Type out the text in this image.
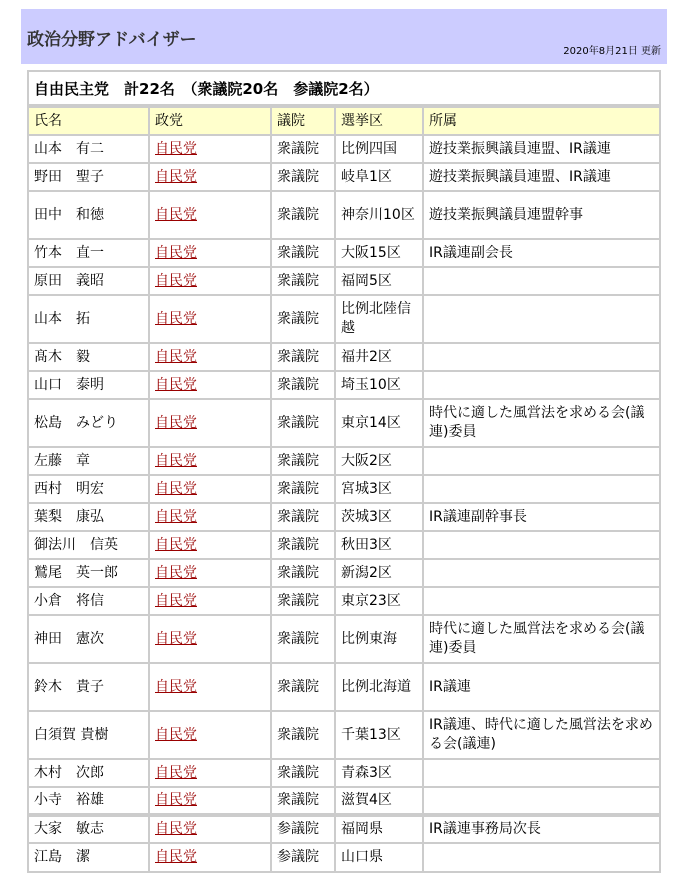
政治分野アドバイザー
2020年8月21日 更新
自由民主党　計22名　（衆議院20名　参議院2名）
氏名	政党	議院	選挙区	所属
山本　有二	自民党	衆議院	比例四国	遊技業振興議員連盟、IR議連
野田　聖子	自民党	衆議院	岐阜1区	遊技業振興議員連盟、IR議連
田中　和徳	自民党	衆議院	神奈川10区	遊技業振興議員連盟幹事
竹本　直一	自民党	衆議院	大阪15区	IR議連副会長
原田　義昭	自民党	衆議院	福岡5区	
山本　拓	自民党	衆議院	比例北陸信越	
髙木　毅	自民党	衆議院	福井2区	
山口　泰明	自民党	衆議院	埼玉10区	
松島　みどり	自民党	衆議院	東京14区	時代に適した風営法を求める会(議連)委員
左藤　章	自民党	衆議院	大阪2区	
西村　明宏	自民党	衆議院	宮城3区	
葉梨　康弘	自民党	衆議院	茨城3区	IR議連副幹事長
御法川　信英	自民党	衆議院	秋田3区	
鷲尾　英一郎	自民党	衆議院	新潟2区	
小倉　将信	自民党	衆議院	東京23区	
神田　憲次	自民党	衆議院	比例東海	時代に適した風営法を求める会(議連)委員
鈴木　貴子	自民党	衆議院	比例北海道	IR議連
白須賀 貴樹	自民党	衆議院	千葉13区	IR議連、時代に適した風営法を求める会(議連)
木村　次郎	自民党	衆議院	青森3区	
小寺　裕雄	自民党	衆議院	滋賀4区	
大家　敏志	自民党	参議院	福岡県	IR議連事務局次長
江島　潔	自民党	参議院	山口県	
